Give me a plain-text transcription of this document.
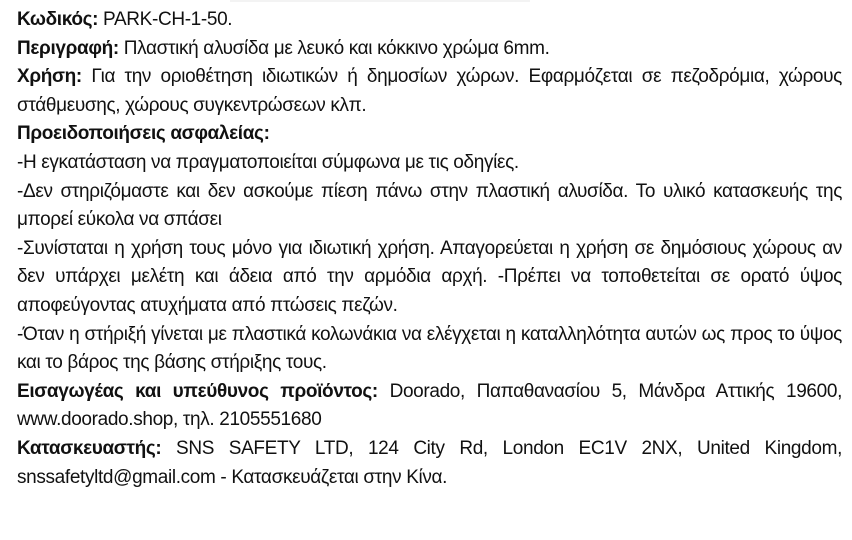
Κωδικός: PARK-CH-1-50.

Περιγραφή: Πλαστική αλυσίδα με λευκό και κόκκινο χρώμα 6mm.

Χρήση: Για την οριοθέτηση ιδιωτικών ή δημοσίων χώρων. Εφαρμόζεται σε πεζοδρόμια, χώρους στάθμευσης, χώρους συγκεντρώσεων κλπ.

Προειδοποιήσεις ασφαλείας:

-Η εγκατάσταση να πραγματοποιείται σύμφωνα με τις οδηγίες.

-Δεν στηριζόμαστε και δεν ασκούμε πίεση πάνω στην πλαστική αλυσίδα. Το υλικό κατασκευής της μπορεί εύκολα να σπάσει

-Συνίσταται η χρήση τους μόνο για ιδιωτική χρήση. Απαγορεύεται η χρήση σε δημόσιους χώρους αν δεν υπάρχει μελέτη και άδεια από την αρμόδια αρχή. -Πρέπει να τοποθετείται σε ορατό ύψος αποφεύγοντας ατυχήματα από πτώσεις πεζών.

-Όταν η στήριξή γίνεται με πλαστικά κολωνάκια να ελέγχεται η καταλληλότητα αυτών ως προς το ύψος και το βάρος της βάσης στήριξης τους.

Εισαγωγέας και υπεύθυνος προϊόντος: Doorado, Παπαθανασίου 5, Μάνδρα Αττικής 19600, www.doorado.shop, τηλ. 2105551680

Κατασκευαστής: SNS SAFETY LTD, 124 City Rd, London EC1V 2NX, United Kingdom, snssafetyltd@gmail.com - Κατασκευάζεται στην Κίνα.
